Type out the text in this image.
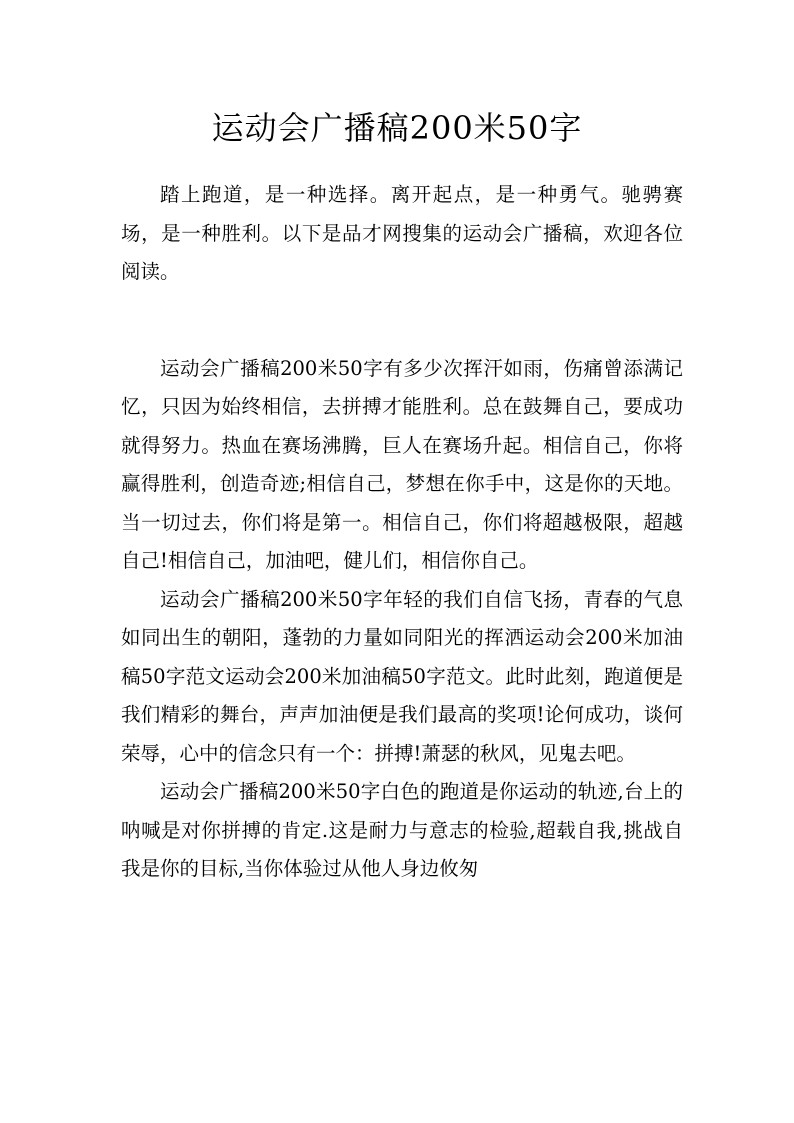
运动会广播稿200米50字

踏上跑道，是一种选择。离开起点，是一种勇气。驰骋赛场，是一种胜利。以下是品才网搜集的运动会广播稿，欢迎各位阅读。

运动会广播稿200米50字有多少次挥汗如雨，伤痛曾添满记忆，只因为始终相信，去拼搏才能胜利。总在鼓舞自己，要成功就得努力。热血在赛场沸腾，巨人在赛场升起。相信自己，你将赢得胜利，创造奇迹;相信自己，梦想在你手中，这是你的天地。当一切过去，你们将是第一。相信自己，你们将超越极限，超越自己!相信自己，加油吧，健儿们，相信你自己。

运动会广播稿200米50字年轻的我们自信飞扬，青春的气息如同出生的朝阳，蓬勃的力量如同阳光的挥洒运动会200米加油稿50字范文运动会200米加油稿50字范文。此时此刻，跑道便是我们精彩的舞台，声声加油便是我们最高的奖项!论何成功，谈何荣辱，心中的信念只有一个：拼搏!萧瑟的秋风，见鬼去吧。

运动会广播稿200米50字白色的跑道是你运动的轨迹,台上的呐喊是对你拼搏的肯定.这是耐力与意志的检验,超载自我,挑战自我是你的目标,当你体验过从他人身边攸匆
